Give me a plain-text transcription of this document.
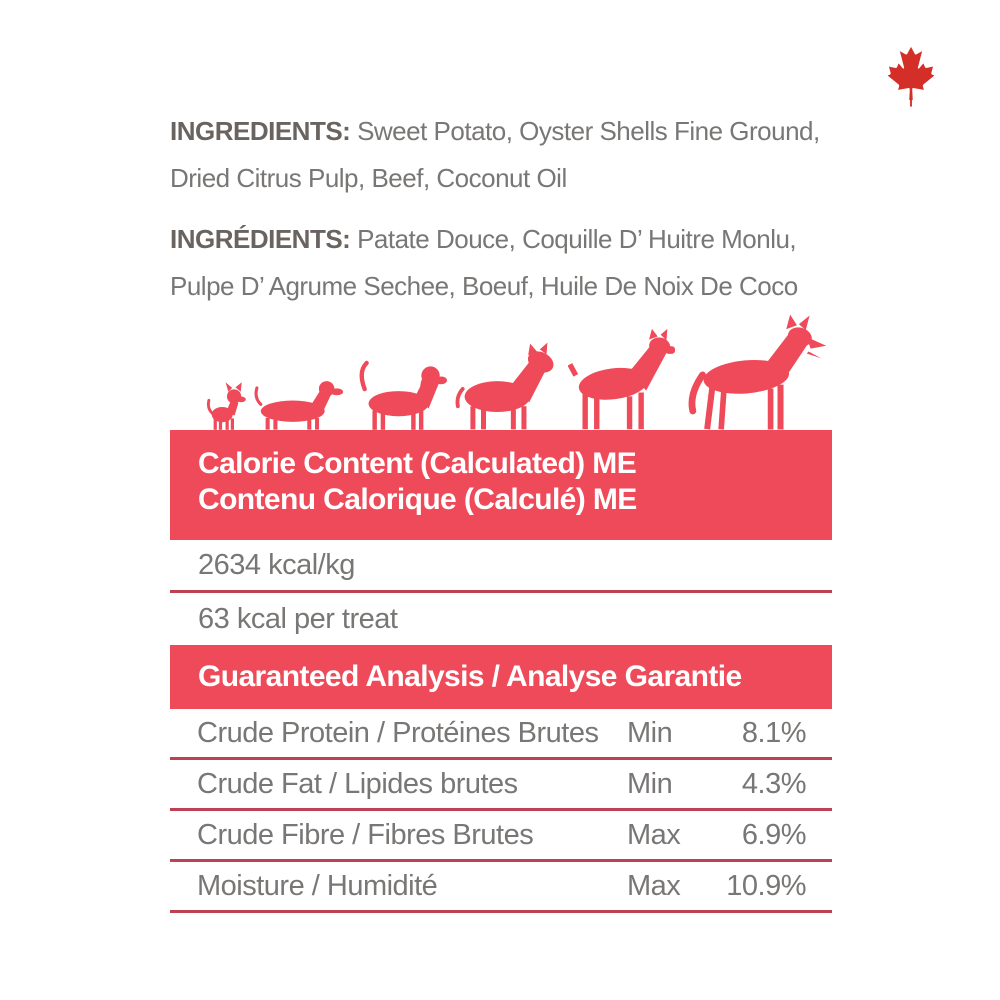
INGREDIENTS: Sweet Potato, Oyster Shells Fine Ground,
Dried Citrus Pulp, Beef, Coconut Oil
INGRÉDIENTS: Patate Douce, Coquille D’ Huitre Monlu,
Pulpe D’ Agrume Sechee, Boeuf, Huile De Noix De Coco
Calorie Content (Calculated) ME
Contenu Calorique (Calculé) ME
2634 kcal/kg
63 kcal per treat
Guaranteed Analysis / Analyse Garantie
Crude Protein / Protéines Brutes Min	8.1%
Crude Fat / Lipides brutes	Min	4.3%
Crude Fibre / Fibres Brutes	Max	6.9%
Moisture / Humidité	Max	10.9%
